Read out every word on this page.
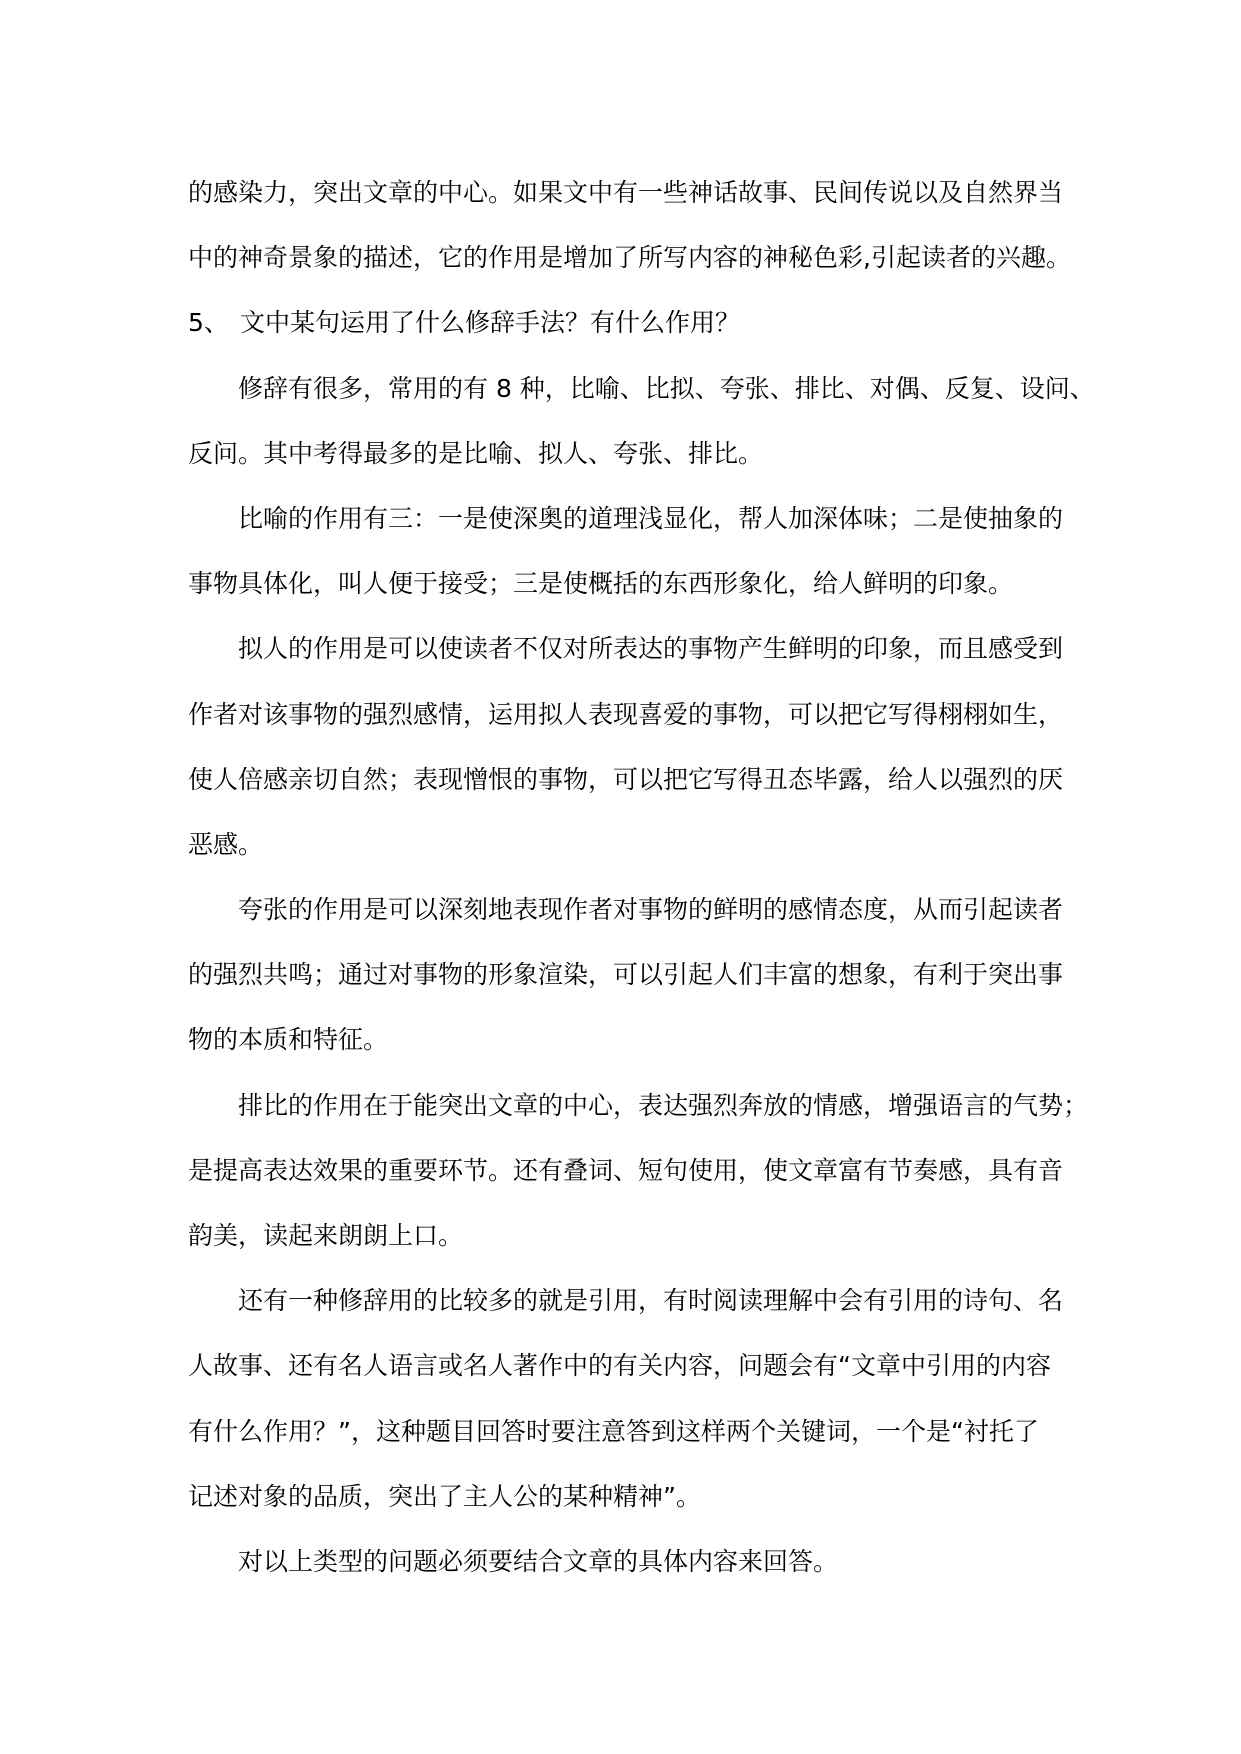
的感染力，突出文章的中心。如果文中有一些神话故事、民间传说以及自然界当
中的神奇景象的描述，它的作用是增加了所写内容的神秘色彩,引起读者的兴趣。
5、 文中某句运用了什么修辞手法？有什么作用？
修辞有很多，常用的有 8 种，比喻、比拟、夸张、排比、对偶、反复、设问、
反问。其中考得最多的是比喻、拟人、夸张、排比。
比喻的作用有三：一是使深奥的道理浅显化，帮人加深体味；二是使抽象的
事物具体化，叫人便于接受；三是使概括的东西形象化，给人鲜明的印象。
拟人的作用是可以使读者不仅对所表达的事物产生鲜明的印象，而且感受到
作者对该事物的强烈感情，运用拟人表现喜爱的事物，可以把它写得栩栩如生，
使人倍感亲切自然；表现憎恨的事物，可以把它写得丑态毕露，给人以强烈的厌
恶感。
夸张的作用是可以深刻地表现作者对事物的鲜明的感情态度，从而引起读者
的强烈共鸣；通过对事物的形象渲染，可以引起人们丰富的想象，有利于突出事
物的本质和特征。
排比的作用在于能突出文章的中心，表达强烈奔放的情感，增强语言的气势；
是提高表达效果的重要环节。还有叠词、短句使用，使文章富有节奏感，具有音
韵美，读起来朗朗上口。
还有一种修辞用的比较多的就是引用，有时阅读理解中会有引用的诗句、名
人故事、还有名人语言或名人著作中的有关内容，问题会有“文章中引用的内容
有什么作用？”，这种题目回答时要注意答到这样两个关键词，一个是“衬托了
记述对象的品质，突出了主人公的某种精神”。
对以上类型的问题必须要结合文章的具体内容来回答。
